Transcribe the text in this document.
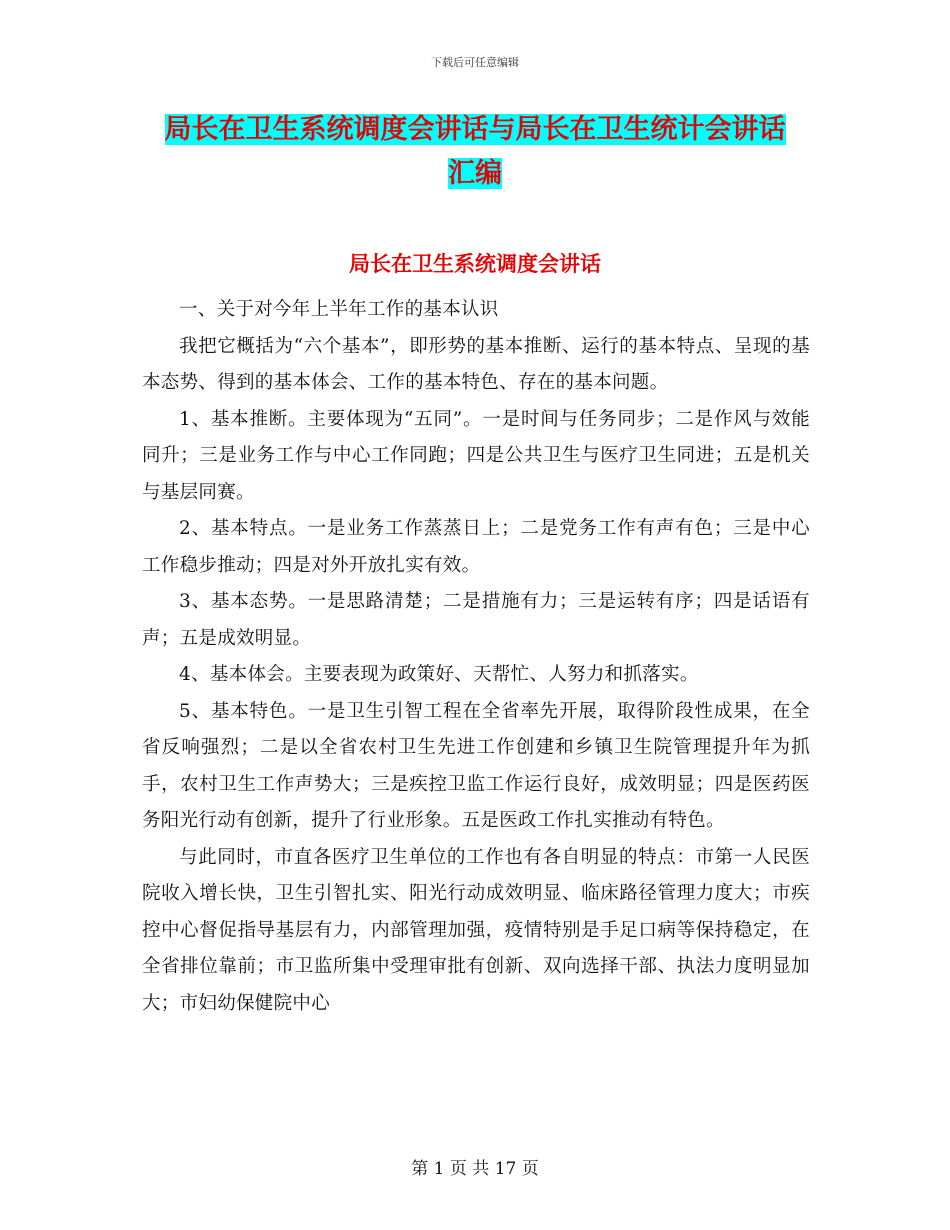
下载后可任意编辑
局长在卫生系统调度会讲话与局长在卫生统计会讲话
汇编
局长在卫生系统调度会讲话

一、关于对今年上半年工作的基本认识

我把它概括为“六个基本”，即形势的基本推断、运行的基本特点、呈现的基本态势、得到的基本体会、工作的基本特色、存在的基本问题。

1、基本推断。主要体现为“五同”。一是时间与任务同步；二是作风与效能同升；三是业务工作与中心工作同跑；四是公共卫生与医疗卫生同进；五是机关与基层同赛。

2、基本特点。一是业务工作蒸蒸日上；二是党务工作有声有色；三是中心工作稳步推动；四是对外开放扎实有效。

3、基本态势。一是思路清楚；二是措施有力；三是运转有序；四是话语有声；五是成效明显。

4、基本体会。主要表现为政策好、天帮忙、人努力和抓落实。

5、基本特色。一是卫生引智工程在全省率先开展，取得阶段性成果，在全省反响强烈；二是以全省农村卫生先进工作创建和乡镇卫生院管理提升年为抓手，农村卫生工作声势大；三是疾控卫监工作运行良好，成效明显；四是医药医务阳光行动有创新，提升了行业形象。五是医政工作扎实推动有特色。

与此同时，市直各医疗卫生单位的工作也有各自明显的特点：市第一人民医院收入增长快，卫生引智扎实、阳光行动成效明显、临床路径管理力度大；市疾控中心督促指导基层有力，内部管理加强，疫情特别是手足口病等保持稳定，在全省排位靠前；市卫监所集中受理审批有创新、双向选择干部、执法力度明显加大；市妇幼保健院中心

第 1 页 共 17 页
